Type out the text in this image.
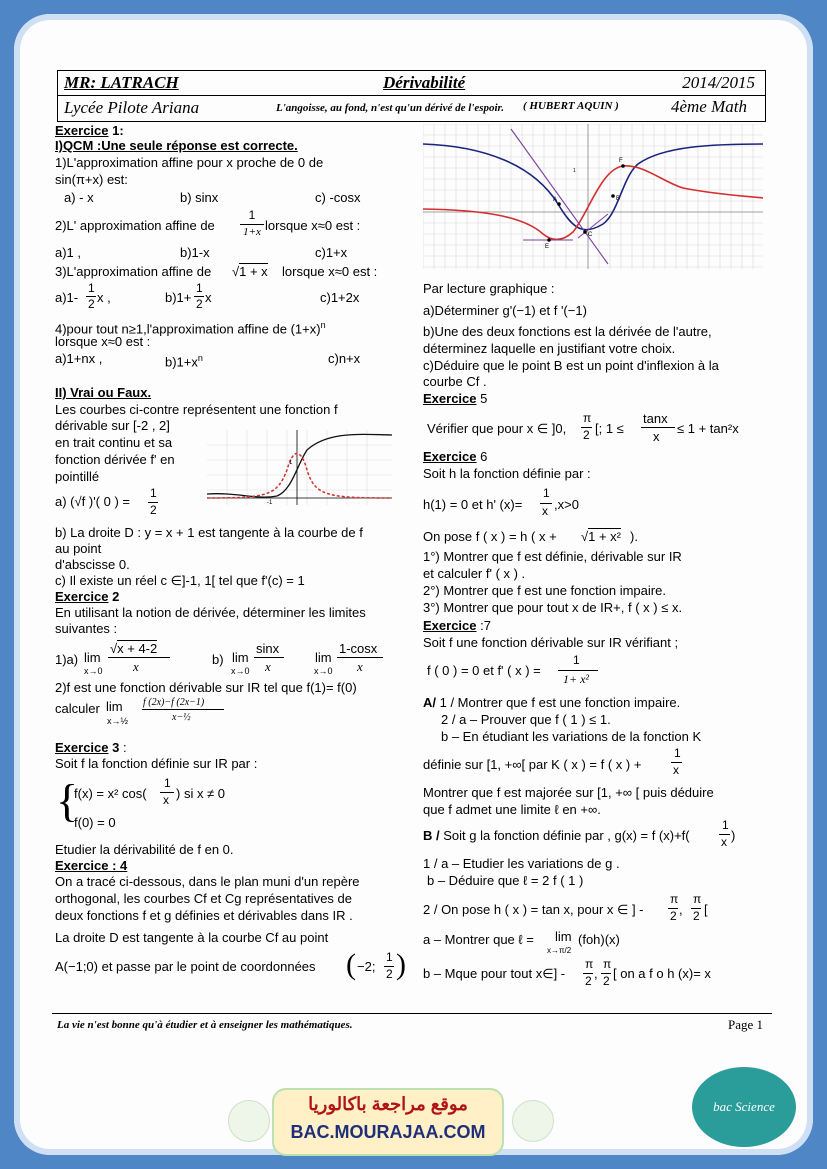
MR: LATRACH	Dérivabilité	2014/2015
Lycée Pilote Ariana	L'angoisse, au fond, n'est qu'un dérivé de l'espoir. ( HUBERT AQUIN )	4ème Math
Exercice 1:
I)QCM :Une seule réponse est correcte.
1)L'approximation affine pour x proche de 0 de
sin(π+x) est:
a) - x	b) sinx	c) -cosx
2)L' approximation affine de
1
1+x lorsque x≈0 est :
a)1 ,	b)1-x	c)1+x
3)L'approximation affine de √1 + x lorsque x≈0 est :
a)1-
1
2 x ,	b)1+
1
2 x	c)1+2x
4)pour tout n≥1,l'approximation affine de $(1+x)^n$
lorsque x≈0 est :
a)1+nx ,	$b)1+x^n$	c)n+x
II) Vrai ou Faux.
Les courbes ci-contre représentent une fonction f
dérivable sur [-2 , 2]
en trait continu et sa
fonction dérivée f' en
pointillé
a) (√f )'( 0 ) =
1
2
1
-1
b) La droite D : y = x + 1 est tangente à la courbe de f
au point
d'abscisse 0.
c) Il existe un réel c ∈]-1, 1[ tel que f'(c) = 1
Exercice 2
En utilisant la notion de dérivée, déterminer les limites
suivantes :
1)a) lim
x→0
√x + 4-2
x	b) lim
x→0
sinx
x
lim
x→0
1-cosx
x
2)f est une fonction dérivable sur IR tel que f(1)= f(0)
calculer lim
x→½
f (2x)−f (2x−1)
x−½
Exercice 3 :
Soit f la fonction définie sur IR par :
{
f(x) = x² cos(
1
x ) si x ≠ 0
f(0) = 0
Etudier la dérivabilité de f en 0.
Exercice : 4
On a tracé ci-dessous, dans le plan muni d'un repère
orthogonal, les courbes Cf et Cg représentatives de
deux fonctions f et g définies et dérivables dans IR .
La droite D est tangente à la courbe Cf au point
A(−1;0) et passe par le point de coordonnées ( −2;
1
2 )
F
B
A
C
E
1
Par lecture graphique :
a)Déterminer g'(−1) et f '(−1)
b)Une des deux fonctions est la dérivée de l'autre,
déterminez laquelle en justifiant votre choix.
c)Déduire que le point B est un point d'inflexion à la
courbe Cf .
Exercice 5
Vérifier que pour x ∈ ]0,
π
2 [; 1 ≤
tanx
x
≤ 1 + tan²x
Exercice 6
Soit h la fonction définie par :
h(1) = 0 et h' (x)=
1
x ,x>0
On pose f ( x ) = h ( x + √1 + x² ).
1°) Montrer que f est définie, dérivable sur IR
et calculer f' ( x ) .
2°) Montrer que f est une fonction impaire.
3°) Montrer que pour tout x de IR+, f ( x ) ≤ x.
Exercice :7
Soit f une fonction dérivable sur IR vérifiant ;
f ( 0 ) = 0 et f' ( x ) =
1
1+ x²
A/ 1 / Montrer que f est une fonction impaire.
2 / a – Prouver que f ( 1 ) ≤ 1.
b – En étudiant les variations de la fonction K
définie sur [1, +∞[ par K ( x ) = f ( x ) +
1
x
Montrer que f est majorée sur [1, +∞ [ puis déduire
que f admet une limite ℓ en +∞.
B / Soit g la fonction définie par , g(x) = f (x)+f(
1
x )
1 / a – Etudier les variations de g .
b – Déduire que ℓ = 2 f ( 1 )
2 / On pose h ( x ) = tan x, pour x ∈ ] -
π
2 ,
π
2 [
a – Montrer que ℓ = lim
x→π/2
(foh)(x)
b – Mque pour tout x∈] -
π
2 ,
π
2 [ on a f o h (x)= x
La vie n'est bonne qu'à étudier et à enseigner les mathématiques.	Page 1
موقع مراجعة باكالوريا
BAC.MOURAJAA.COM
bac Science
